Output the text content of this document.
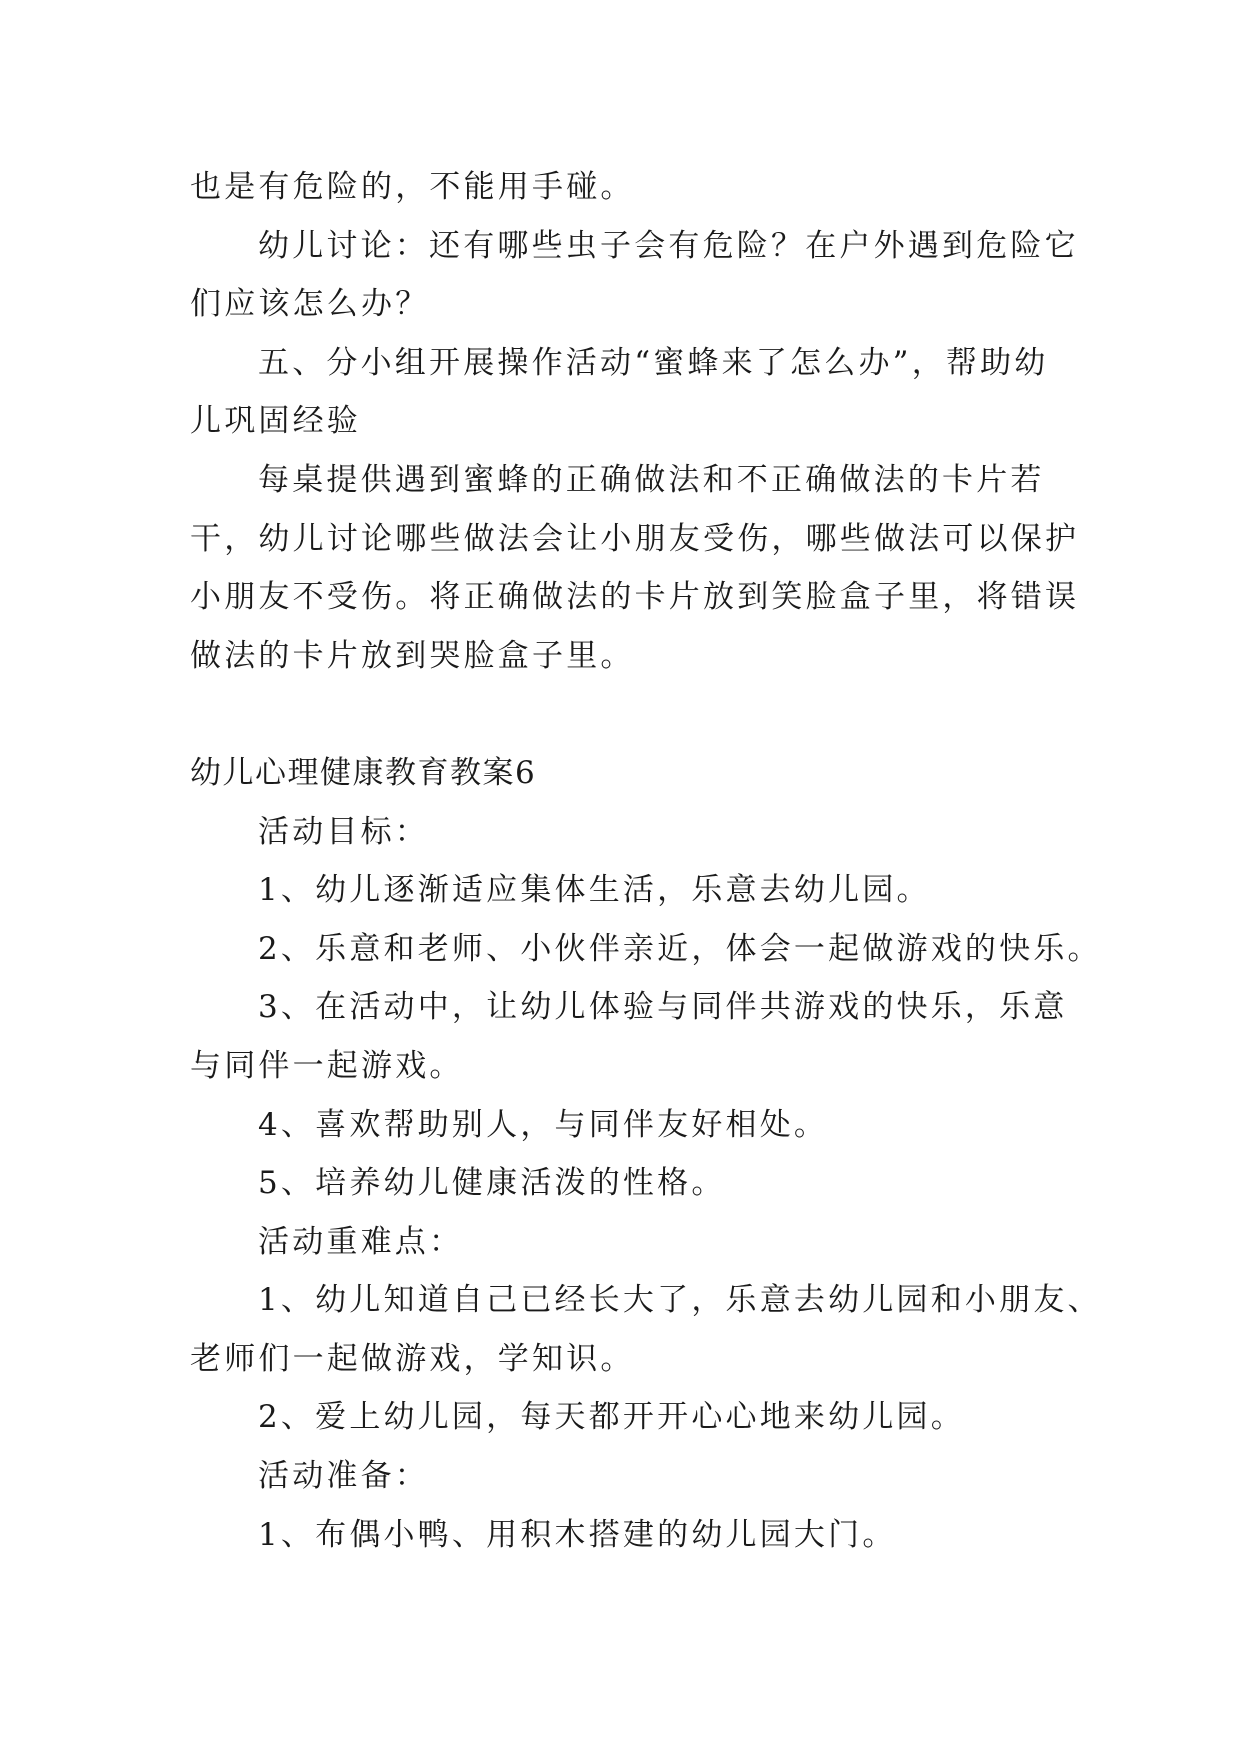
也是有危险的，不能用手碰。
幼儿讨论：还有哪些虫子会有危险？在户外遇到危险它
们应该怎么办？
五、分小组开展操作活动“蜜蜂来了怎么办”，帮助幼
儿巩固经验
每桌提供遇到蜜蜂的正确做法和不正确做法的卡片若
干，幼儿讨论哪些做法会让小朋友受伤，哪些做法可以保护
小朋友不受伤。将正确做法的卡片放到笑脸盒子里，将错误
做法的卡片放到哭脸盒子里。
幼儿心理健康教育教案6
活动目标：
1、幼儿逐渐适应集体生活，乐意去幼儿园。
2、乐意和老师、小伙伴亲近，体会一起做游戏的快乐。
3、在活动中，让幼儿体验与同伴共游戏的快乐，乐意
与同伴一起游戏。
4、喜欢帮助别人，与同伴友好相处。
5、培养幼儿健康活泼的性格。
活动重难点：
1、幼儿知道自己已经长大了，乐意去幼儿园和小朋友、
老师们一起做游戏，学知识。
2、爱上幼儿园，每天都开开心心地来幼儿园。
活动准备：
1、布偶小鸭、用积木搭建的幼儿园大门。
